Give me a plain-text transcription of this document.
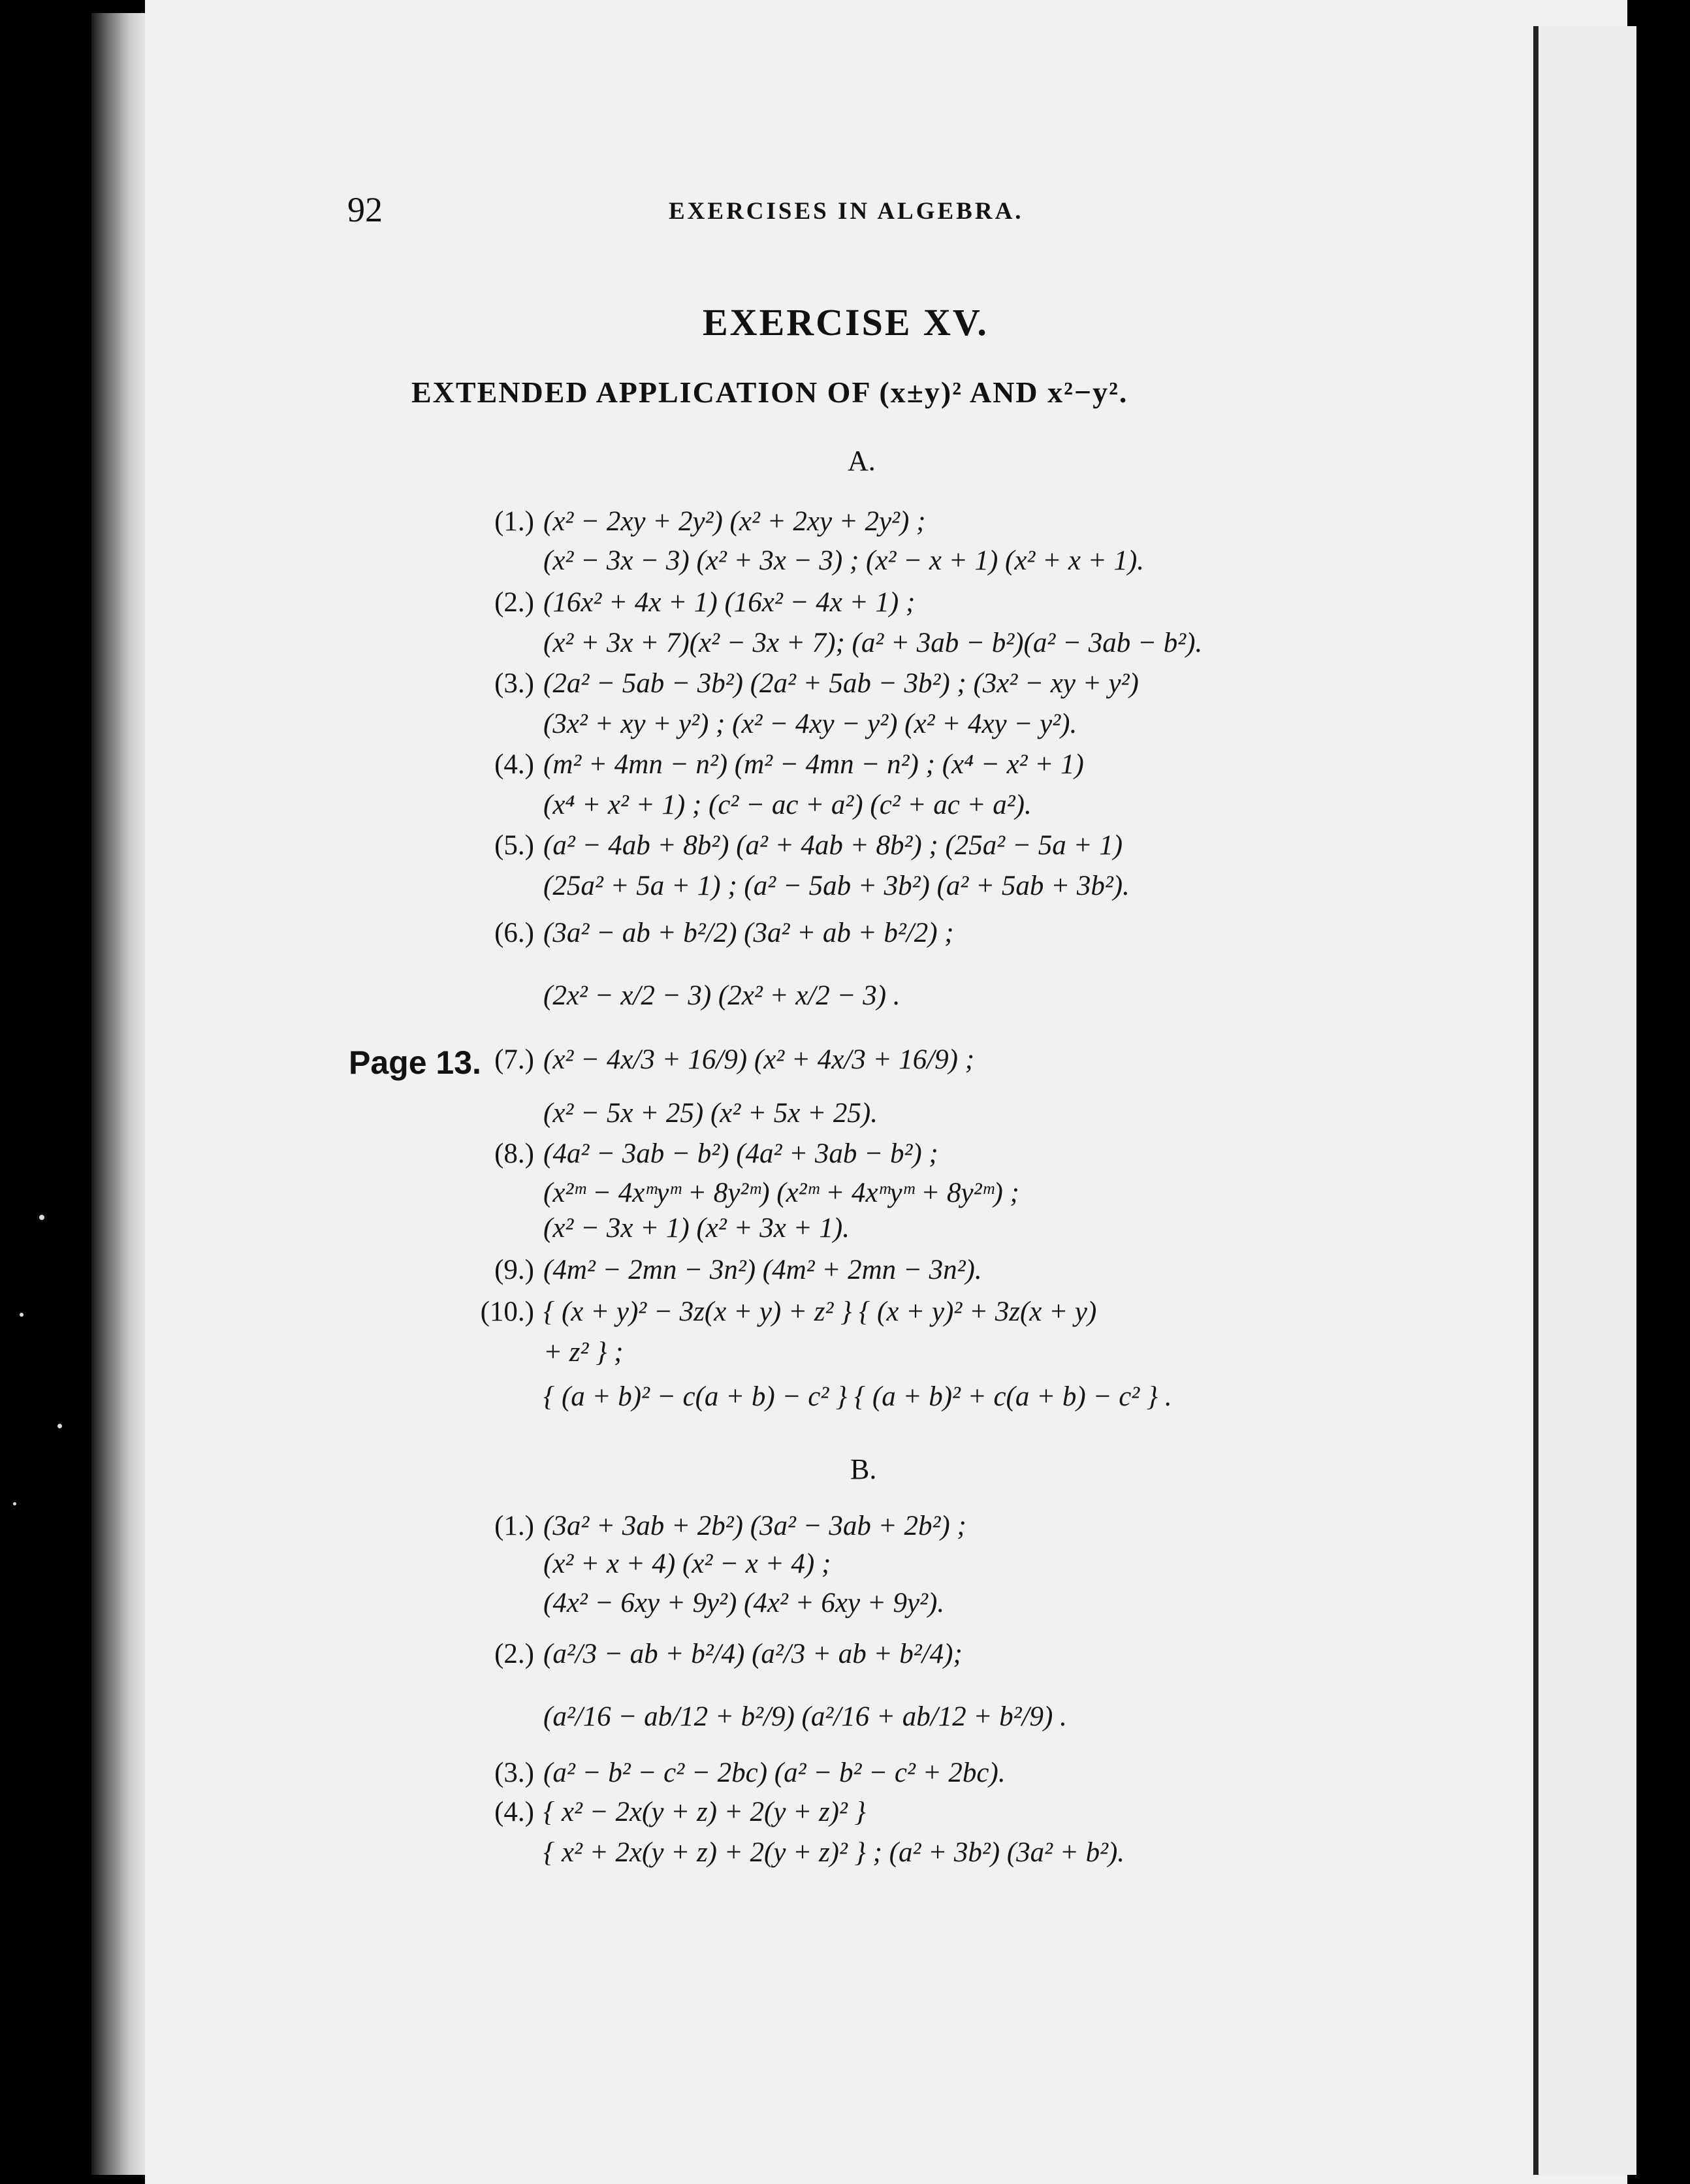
92	EXERCISES IN ALGEBRA.
EXERCISE XV.
EXTENDED APPLICATION OF (x±y)² AND x²−y².
A.
(1.) (x² − 2xy + 2y²) (x² + 2xy + 2y²) ;
(x² − 3x − 3) (x² + 3x − 3) ; (x² − x + 1) (x² + x + 1).
(2.) (16x² + 4x + 1) (16x² − 4x + 1) ;
(x² + 3x + 7)(x² − 3x + 7); (a² + 3ab − b²)(a² − 3ab − b²).
(3.) (2a² − 5ab − 3b²) (2a² + 5ab − 3b²) ; (3x² − xy + y²)
(3x² + xy + y²) ; (x² − 4xy − y²) (x² + 4xy − y²).
(4.) (m² + 4mn − n²) (m² − 4mn − n²) ; (x⁴ − x² + 1)
(x⁴ + x² + 1) ; (c² − ac + a²) (c² + ac + a²).
(5.) (a² − 4ab + 8b²) (a² + 4ab + 8b²) ; (25a² − 5a + 1)
(25a² + 5a + 1) ; (a² − 5ab + 3b²) (a² + 5ab + 3b²).
(6.) (3a² − ab + b²/2) (3a² + ab + b²/2) ;
(2x² − x/2 − 3) (2x² + x/2 − 3) .
(7.) (x² − 4x/3 + 16/9) (x² + 4x/3 + 16/9) ;
(x² − 5x + 25) (x² + 5x + 25).
(8.) (4a² − 3ab − b²) (4a² + 3ab − b²) ;
(x²ᵐ − 4xᵐyᵐ + 8y²ᵐ) (x²ᵐ + 4xᵐyᵐ + 8y²ᵐ) ;
(x² − 3x + 1) (x² + 3x + 1).
(9.) (4m² − 2mn − 3n²) (4m² + 2mn − 3n²).
(10.) { (x + y)² − 3z(x + y) + z² } { (x + y)² + 3z(x + y)
+ z² } ;
{ (a + b)² − c(a + b) − c² } { (a + b)² + c(a + b) − c² } .
Page 13.
B.
(1.) (3a² + 3ab + 2b²) (3a² − 3ab + 2b²) ;
(x² + x + 4) (x² − x + 4) ;
(4x² − 6xy + 9y²) (4x² + 6xy + 9y²).
(2.) (a²/3 − ab + b²/4) (a²/3 + ab + b²/4);
(a²/16 − ab/12 + b²/9) (a²/16 + ab/12 + b²/9) .
(3.) (a² − b² − c² − 2bc) (a² − b² − c² + 2bc).
(4.) { x² − 2x(y + z) + 2(y + z)² }
{ x² + 2x(y + z) + 2(y + z)² } ; (a² + 3b²) (3a² + b²).
